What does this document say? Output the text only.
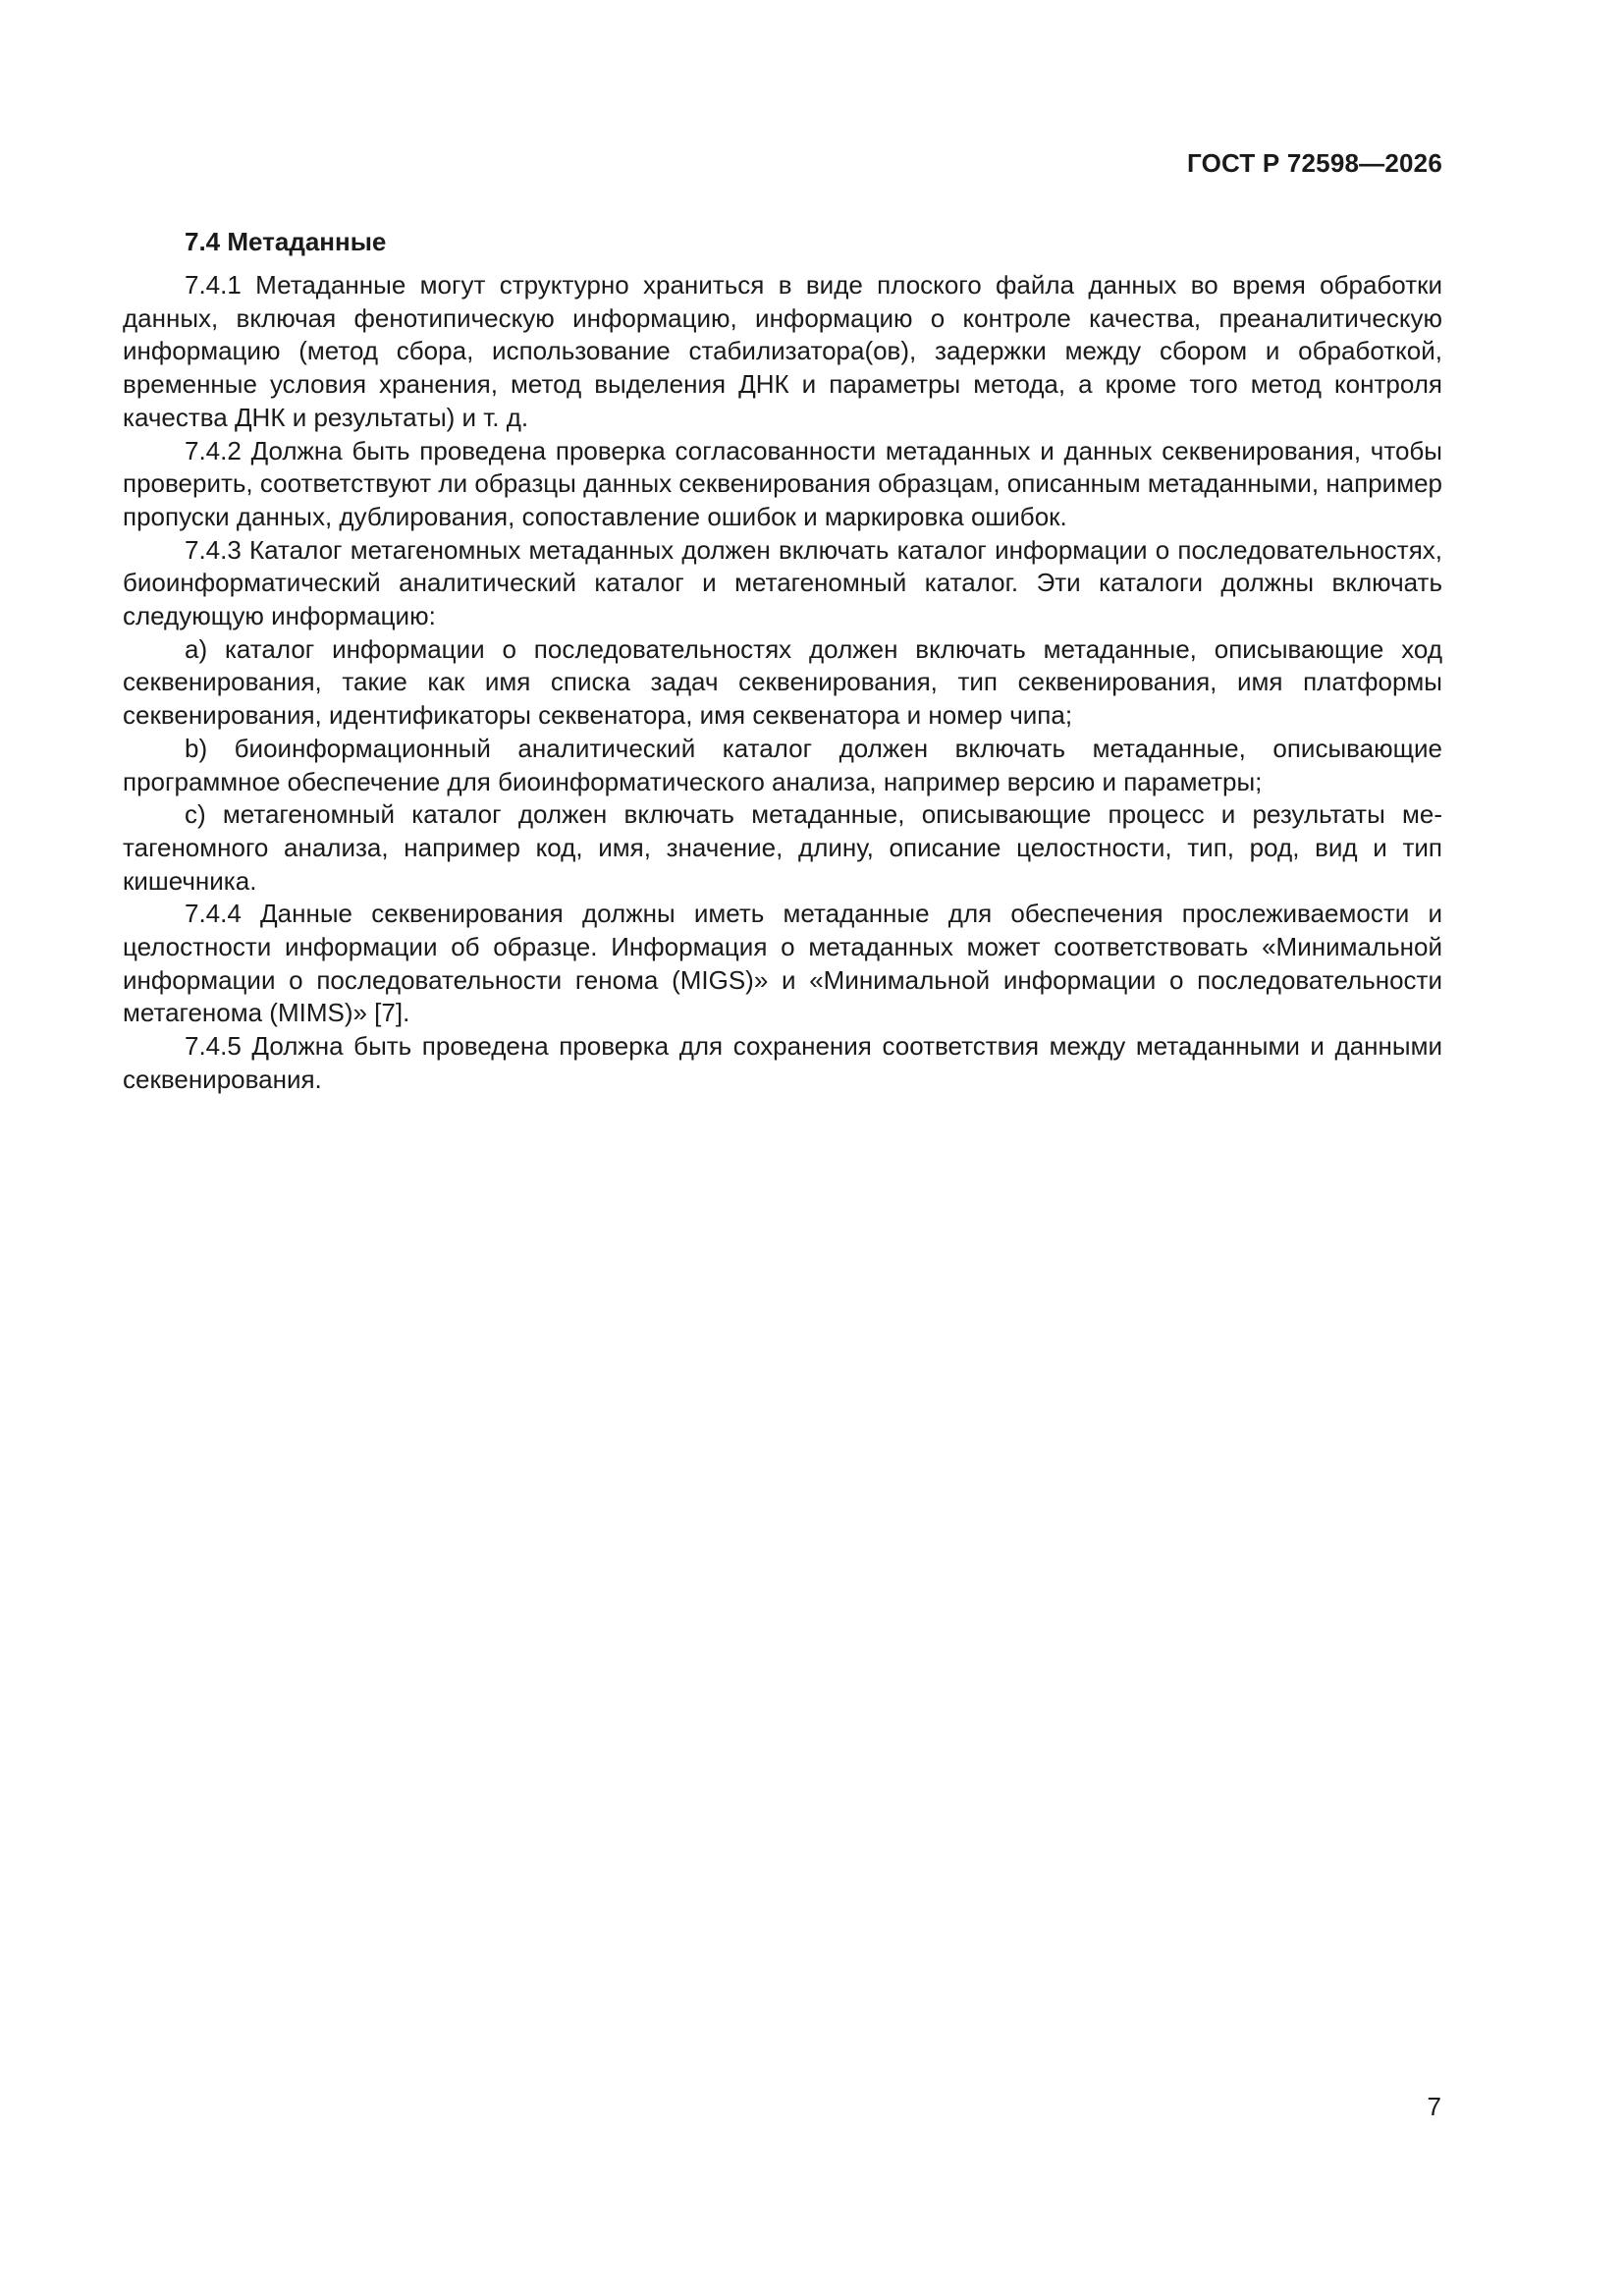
ГОСТ Р 72598—2026
7.4 Метаданные

7.4.1 Метаданные могут структурно храниться в виде плоского файла данных во время обработки данных, включая фенотипическую информацию, информацию о контроле качества, преаналитическую информацию (метод сбора, использование стабилизатора(ов), задержки между сбором и обработкой, временные условия хранения, метод выделения ДНК и параметры метода, а кроме того метод контроля качества ДНК и результаты) и т. д.

7.4.2 Должна быть проведена проверка согласованности метаданных и данных секвенирования, чтобы проверить, соответствуют ли образцы данных секвенирования образцам, описанным метаданными, например пропуски данных, дублирования, сопоставление ошибок и маркировка ошибок.

7.4.3 Каталог метагеномных метаданных должен включать каталог информации о последовательностях, биоинформатический аналитический каталог и метагеномный каталог. Эти каталоги должны включать следующую информацию:

a) каталог информации о последовательностях должен включать метаданные, описывающие ход секвенирования, такие как имя списка задач секвенирования, тип секвенирования, имя платформы секвенирования, идентификаторы секвенатора, имя секвенатора и номер чипа;

b) биоинформационный аналитический каталог должен включать метаданные, описывающие программное обеспечение для биоинформатического анализа, например версию и параметры;

c) метагеномный каталог должен включать метаданные, описывающие процесс и результаты метагеномного анализа, например код, имя, значение, длину, описание целостности, тип, род, вид и тип кишечника.

7.4.4 Данные секвенирования должны иметь метаданные для обеспечения прослеживаемости и целостности информации об образце. Информация о метаданных может соответствовать «Минимальной информации о последовательности генома (MIGS)» и «Минимальной информации о последовательности метагенома (MIMS)» [7].

7.4.5 Должна быть проведена проверка для сохранения соответствия между метаданными и данными секвенирования.

7
